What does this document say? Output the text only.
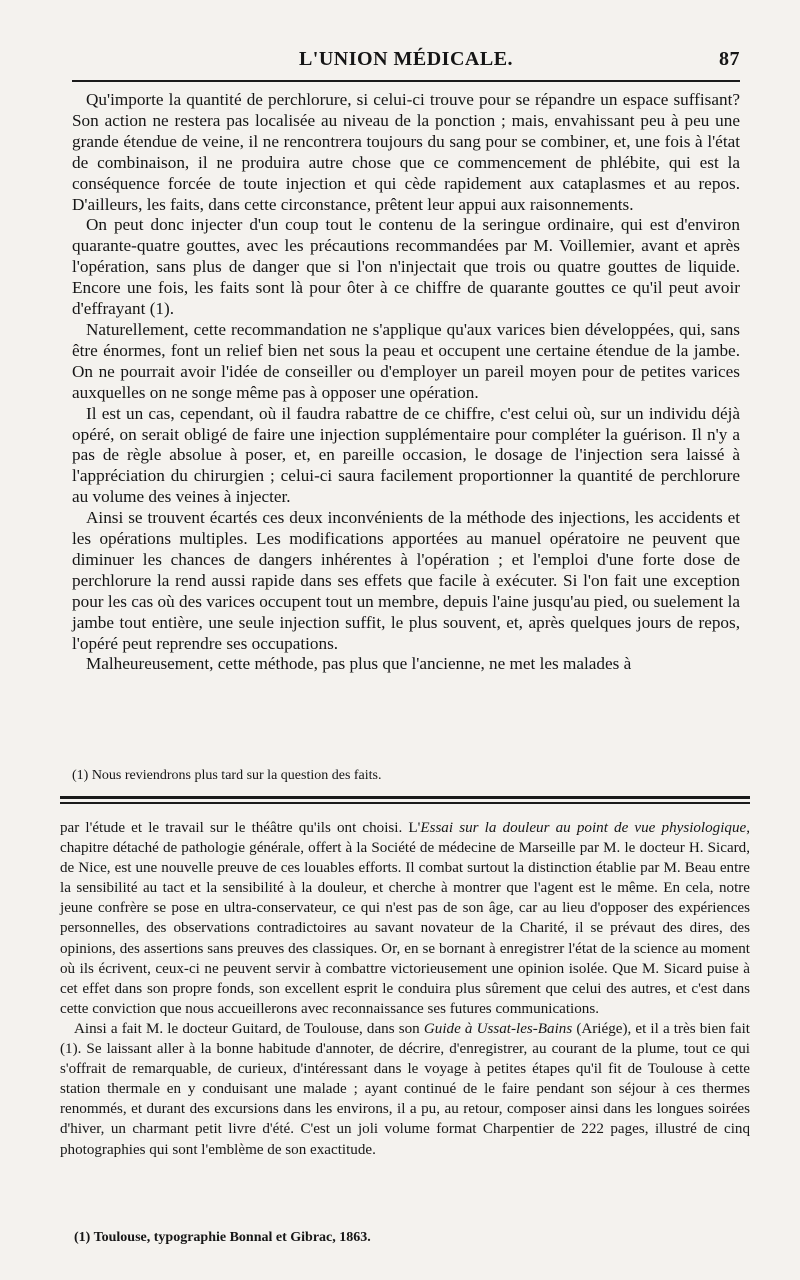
L'UNION MÉDICALE.	87

Qu'importe la quantité de perchlorure, si celui-ci trouve pour se répandre un espace suffisant? Son action ne restera pas localisée au niveau de la ponction ; mais, envahissant peu à peu une grande étendue de veine, il ne rencontrera toujours du sang pour se combiner, et, une fois à l'état de combinaison, il ne produira autre chose que ce commencement de phlébite, qui est la conséquence forcée de toute injection et qui cède rapidement aux cataplasmes et au repos. D'ailleurs, les faits, dans cette circonstance, prêtent leur appui aux raisonnements.

On peut donc injecter d'un coup tout le contenu de la seringue ordinaire, qui est d'environ quarante-quatre gouttes, avec les précautions recommandées par M. Voillemier, avant et après l'opération, sans plus de danger que si l'on n'injectait que trois ou quatre gouttes de liquide. Encore une fois, les faits sont là pour ôter à ce chiffre de quarante gouttes ce qu'il peut avoir d'effrayant (1).

Naturellement, cette recommandation ne s'applique qu'aux varices bien développées, qui, sans être énormes, font un relief bien net sous la peau et occupent une certaine étendue de la jambe. On ne pourrait avoir l'idée de conseiller ou d'employer un pareil moyen pour de petites varices auxquelles on ne songe même pas à opposer une opération.

Il est un cas, cependant, où il faudra rabattre de ce chiffre, c'est celui où, sur un individu déjà opéré, on serait obligé de faire une injection supplémentaire pour compléter la guérison. Il n'y a pas de règle absolue à poser, et, en pareille occasion, le dosage de l'injection sera laissé à l'appréciation du chirurgien ; celui-ci saura facilement proportionner la quantité de perchlorure au volume des veines à injecter.

Ainsi se trouvent écartés ces deux inconvénients de la méthode des injections, les accidents et les opérations multiples. Les modifications apportées au manuel opératoire ne peuvent que diminuer les chances de dangers inhérentes à l'opération ; et l'emploi d'une forte dose de perchlorure la rend aussi rapide dans ses effets que facile à exécuter. Si l'on fait une exception pour les cas où des varices occupent tout un membre, depuis l'aine jusqu'au pied, ou suelement la jambe tout entière, une seule injection suffit, le plus souvent, et, après quelques jours de repos, l'opéré peut reprendre ses occupations.

Malheureusement, cette méthode, pas plus que l'ancienne, ne met les malades à

(1) Nous reviendrons plus tard sur la question des faits.

par l'étude et le travail sur le théâtre qu'ils ont choisi. L'Essai sur la douleur au point de vue physiologique, chapitre détaché de pathologie générale, offert à la Société de médecine de Marseille par M. le docteur H. Sicard, de Nice, est une nouvelle preuve de ces louables efforts. Il combat surtout la distinction établie par M. Beau entre la sensibilité au tact et la sensibilité à la douleur, et cherche à montrer que l'agent est le même. En cela, notre jeune confrère se pose en ultra-conservateur, ce qui n'est pas de son âge, car au lieu d'opposer des expériences personnelles, des observations contradictoires au savant novateur de la Charité, il se prévaut des dires, des opinions, des assertions sans preuves des classiques. Or, en se bornant à enregistrer l'état de la science au moment où ils écrivent, ceux-ci ne peuvent servir à combattre victorieusement une opinion isolée. Que M. Sicard puise à cet effet dans son propre fonds, son excellent esprit le conduira plus sûrement que celui des autres, et c'est dans cette conviction que nous accueillerons avec reconnaissance ses futures communications.

Ainsi a fait M. le docteur Guitard, de Toulouse, dans son Guide à Ussat-les-Bains (Ariége), et il a très bien fait (1). Se laissant aller à la bonne habitude d'annoter, de décrire, d'enregistrer, au courant de la plume, tout ce qui s'offrait de remarquable, de curieux, d'intéressant dans le voyage à petites étapes qu'il fit de Toulouse à cette station thermale en y conduisant une malade ; ayant continué de le faire pendant son séjour à ces thermes renommés, et durant des excursions dans les environs, il a pu, au retour, composer ainsi dans les longues soirées d'hiver, un charmant petit livre d'été. C'est un joli volume format Charpentier de 222 pages, illustré de cinq photographies qui sont l'emblème de son exactitude.

(1) Toulouse, typographie Bonnal et Gibrac, 1863.
